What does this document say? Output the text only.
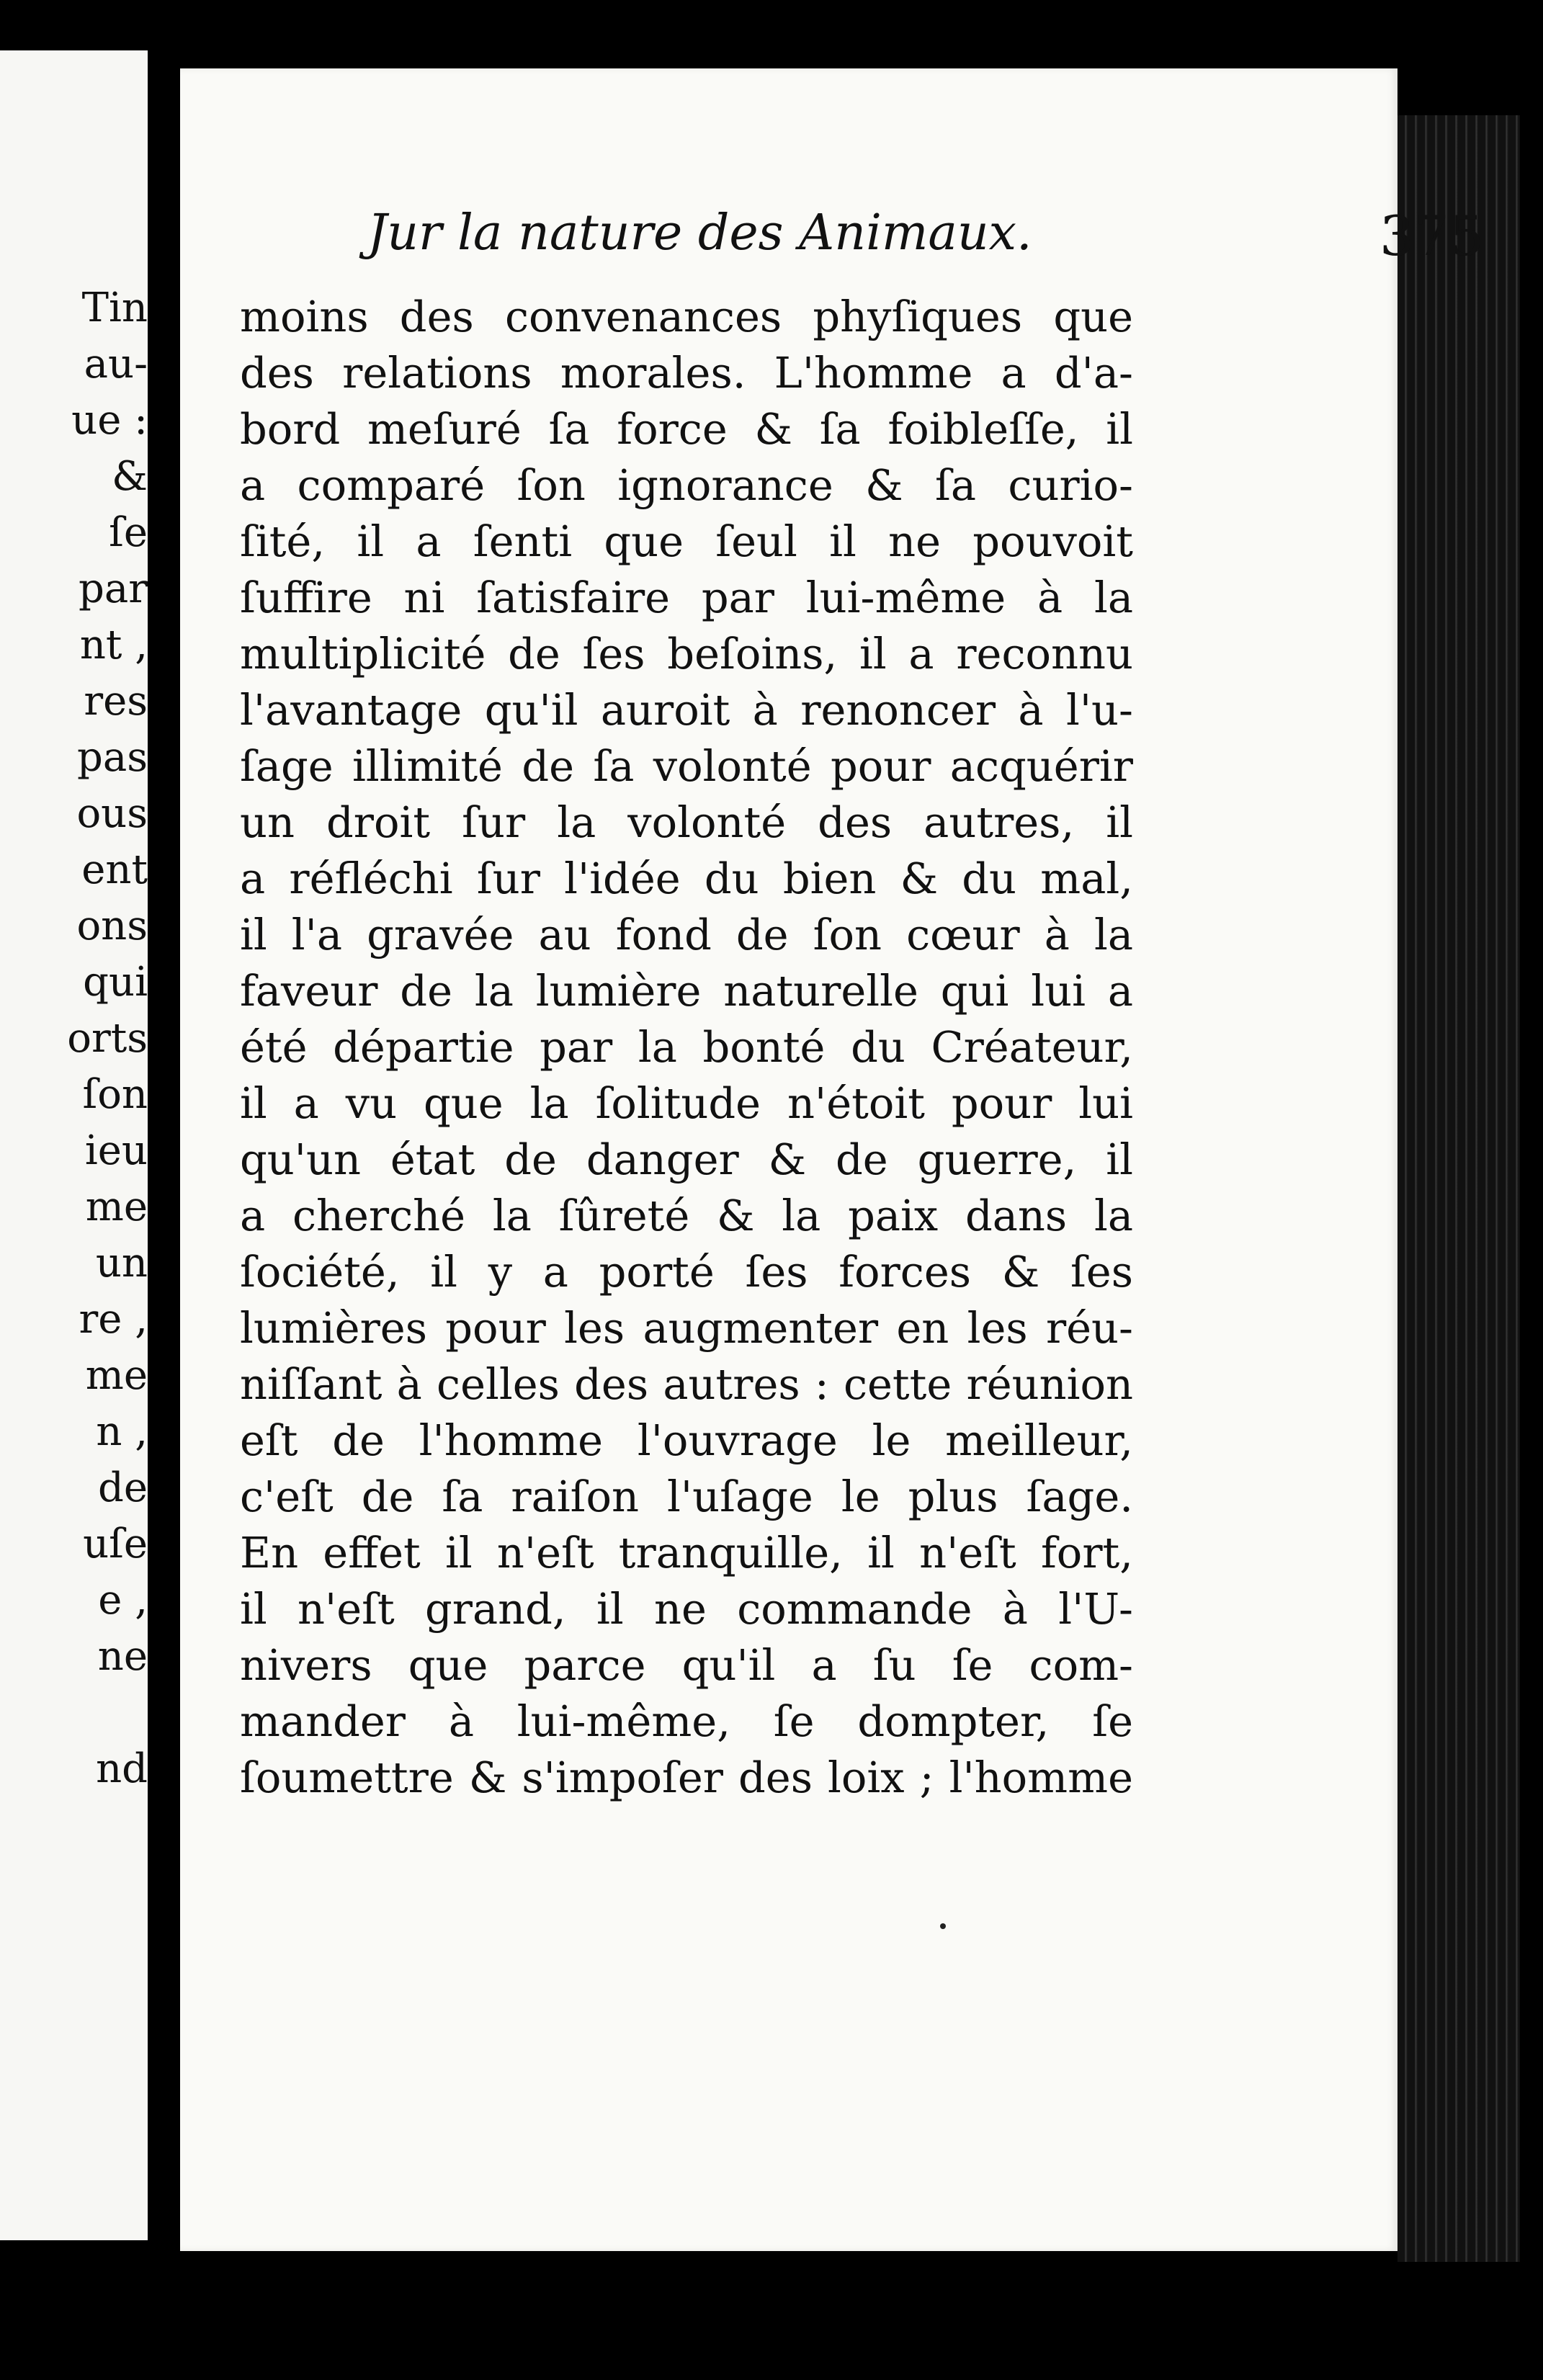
Tin
au-
ue :
&
ſe
par
nt ,
res
pas
ous
ent
ons
qui
orts
ſon
ieu
me
un
re ,
me
n ,
de
uſe
e ,
ne
nd
Jur la nature des Animaux.	375
moins des convenances phyſiques que
des relations morales. L'homme a d'a-
bord meſuré ſa force & ſa foibleſſe, il
a comparé ſon ignorance & ſa curio-
ſité, il a ſenti que ſeul il ne pouvoit
ſuffire ni ſatisfaire par lui-même à la
multiplicité de ſes beſoins, il a reconnu
l'avantage qu'il auroit à renoncer à l'u-
ſage illimité de ſa volonté pour acquérir
un droit ſur la volonté des autres, il
a réfléchi ſur l'idée du bien & du mal,
il l'a gravée au fond de ſon cœur à la
faveur de la lumière naturelle qui lui a
été départie par la bonté du Créateur,
il a vu que la ſolitude n'étoit pour lui
qu'un état de danger & de guerre, il
a cherché la ſûreté & la paix dans la
ſociété, il y a porté ſes forces & ſes
lumières pour les augmenter en les réu-
niſſant à celles des autres : cette réunion
eſt de l'homme l'ouvrage le meilleur,
c'eſt de ſa raiſon l'uſage le plus ſage.
En effet il n'eſt tranquille, il n'eſt fort,
il n'eſt grand, il ne commande à l'U-
nivers que parce qu'il a ſu ſe com-
mander à lui-même, ſe dompter, ſe
ſoumettre & s'impoſer des loix ; l'homme
